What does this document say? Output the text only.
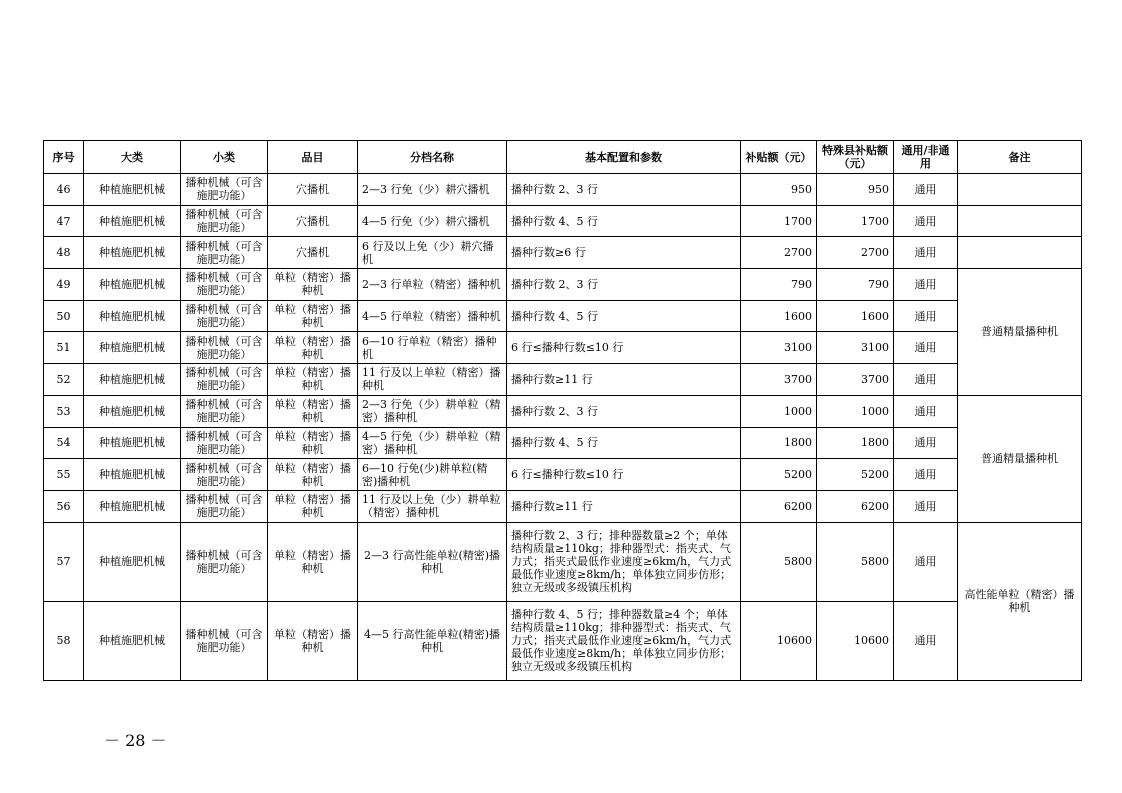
序号	大类	小类	品目	分档名称	基本配置和参数	补贴额（元）	特殊县补贴额（元）	通用/非通用	备注
46	种植施肥机械	播种机械（可含施肥功能）	穴播机	2—3 行免（少）耕穴播机	播种行数 2、3 行	950	950	通用	
47	种植施肥机械	播种机械（可含施肥功能）	穴播机	4—5 行免（少）耕穴播机	播种行数 4、5 行	1700	1700	通用	
48	种植施肥机械	播种机械（可含施肥功能）	穴播机	6 行及以上免（少）耕穴播机	播种行数≥6 行	2700	2700	通用	
49	种植施肥机械	播种机械（可含施肥功能）	单粒（精密）播种机	2—3 行单粒（精密）播种机	播种行数 2、3 行	790	790	通用	普通精量播种机
50	种植施肥机械	播种机械（可含施肥功能）	单粒（精密）播种机	4—5 行单粒（精密）播种机	播种行数 4、5 行	1600	1600	通用	
51	种植施肥机械	播种机械（可含施肥功能）	单粒（精密）播种机	6—10 行单粒（精密）播种机	6 行≤播种行数≤10 行	3100	3100	通用	
52	种植施肥机械	播种机械（可含施肥功能）	单粒（精密）播种机	11 行及以上单粒（精密）播种机	播种行数≥11 行	3700	3700	通用	
53	种植施肥机械	播种机械（可含施肥功能）	单粒（精密）播种机	2—3 行免（少）耕单粒（精密）播种机	播种行数 2、3 行	1000	1000	通用	普通精量播种机
54	种植施肥机械	播种机械（可含施肥功能）	单粒（精密）播种机	4—5 行免（少）耕单粒（精密）播种机	播种行数 4、5 行	1800	1800	通用	
55	种植施肥机械	播种机械（可含施肥功能）	单粒（精密）播种机	6—10 行免(少)耕单粒(精密)播种机	6 行≤播种行数≤10 行	5200	5200	通用	
56	种植施肥机械	播种机械（可含施肥功能）	单粒（精密）播种机	11 行及以上免（少）耕单粒（精密）播种机	播种行数≥11 行	6200	6200	通用	
57	种植施肥机械	播种机械（可含施肥功能）	单粒（精密）播种机	2—3 行高性能单粒(精密)播种机	播种行数 2、3 行；排种器数量≥2 个；单体结构质量≥110kg；排种器型式：指夹式、气力式；指夹式最低作业速度≥6km/h，气力式最低作业速度≥8km/h；单体独立同步仿形；独立无级或多级镇压机构	5800	5800	通用	高性能单粒（精密）播种机
58	种植施肥机械	播种机械（可含施肥功能）	单粒（精密）播种机	4—5 行高性能单粒(精密)播种机	播种行数 4、5 行；排种器数量≥4 个；单体结构质量≥110kg；排种器型式：指夹式、气力式；指夹式最低作业速度≥6km/h，气力式最低作业速度≥8km/h；单体独立同步仿形；独立无级或多级镇压机构	10600	10600	通用	
－ 28 －
